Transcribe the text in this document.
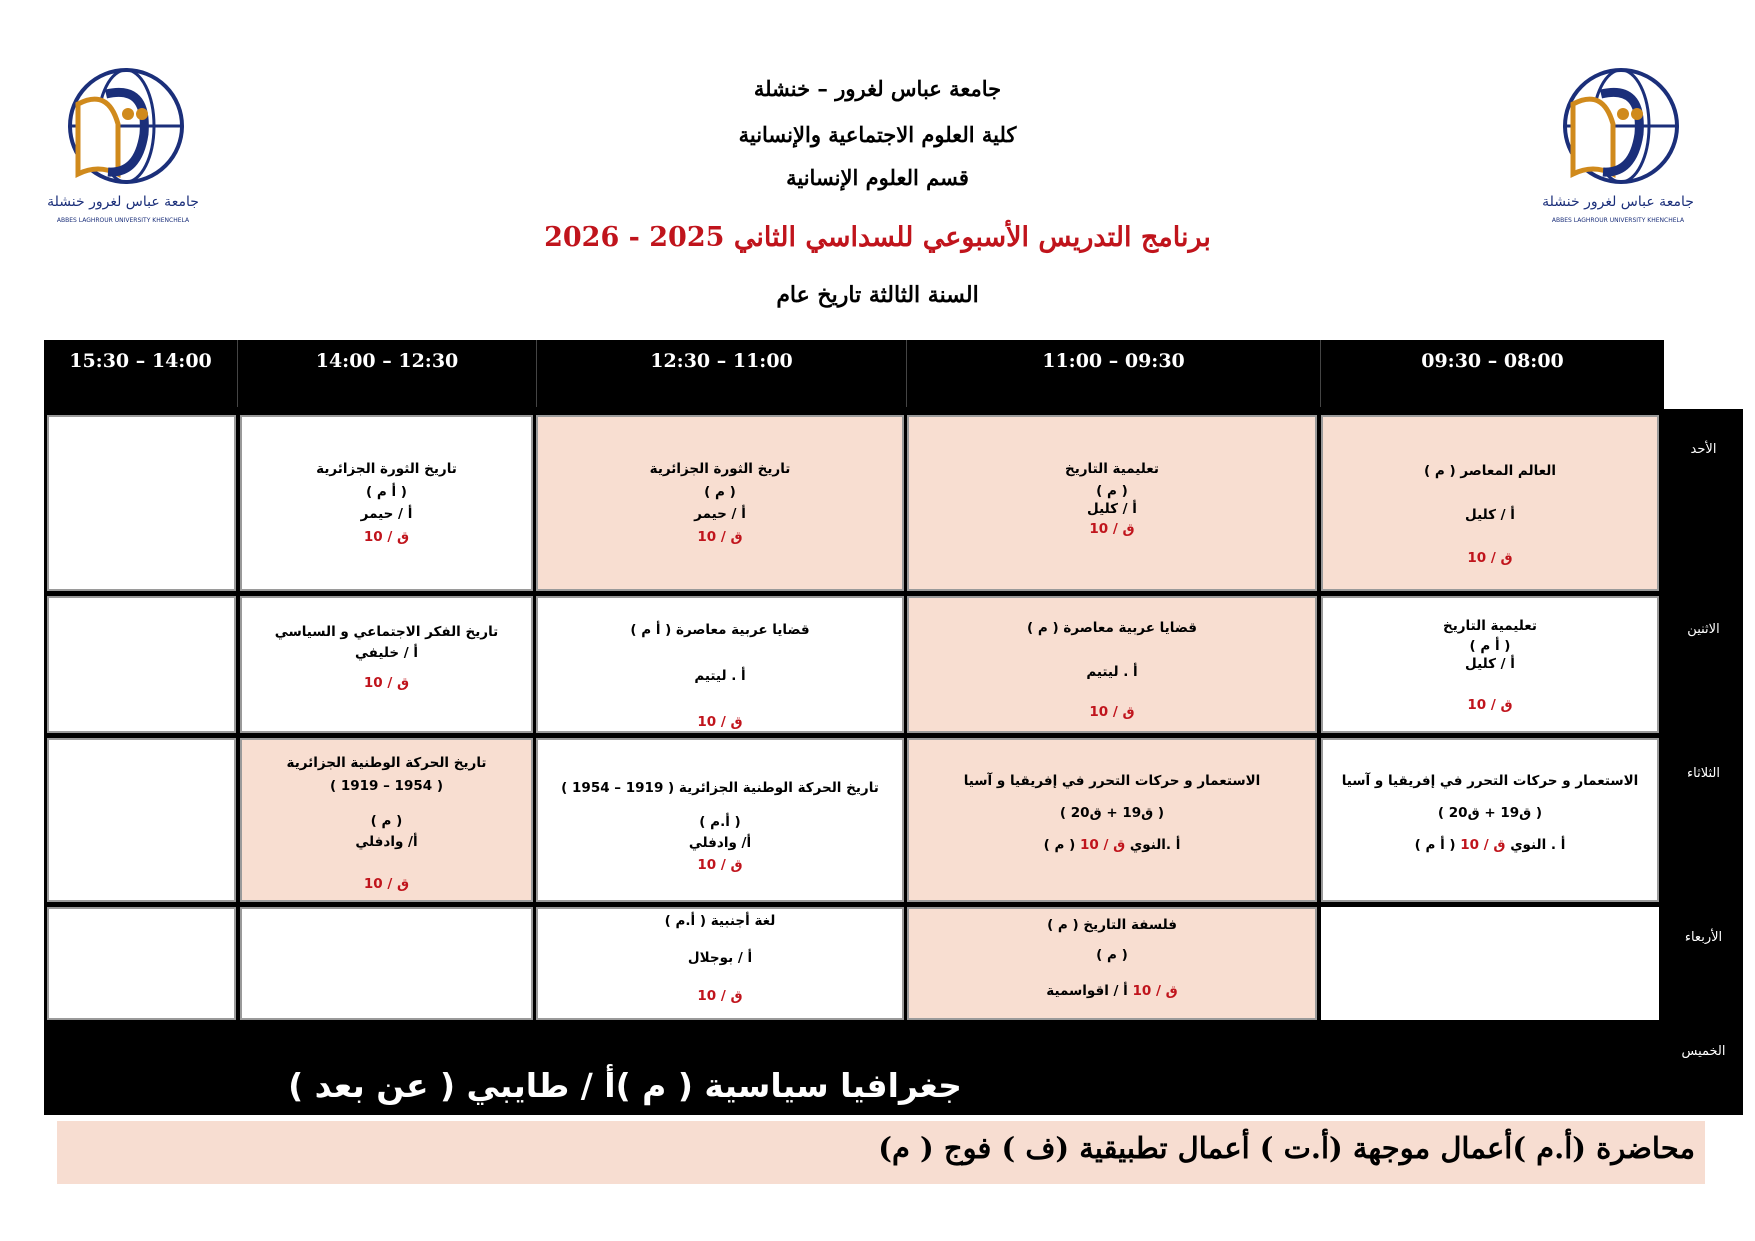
جامعة عباس لغرور خنشلة
ABBES LAGHROUR UNIVERSITY KHENCHELA
جامعة عباس لغرور خنشلة
ABBES LAGHROUR UNIVERSITY KHENCHELA
جامعة عباس لغرور – خنشلة
كلية العلوم الاجتماعية والإنسانية
قسم العلوم الإنسانية
برنامج التدريس الأسبوعي للسداسي الثاني 2025 - 2026
السنة الثالثة تاريخ عام
09:30 – 08:00
11:00 – 09:30
12:30 – 11:00
14:00 – 12:30
15:30 – 14:00
الأحد
الاثنين
الثلاثاء
الأربعاء
الخميس
العالم المعاصر ( م )
أ / كليل
ق / 10
تعليمية التاريخ
( م )
أ / كليل
ق / 10
تاريخ الثورة الجزائرية
( م )
أ / حيمر
ق / 10
تاريخ الثورة الجزائرية
( أ م )
أ / حيمر
ق / 10
تعليمية التاريخ
( أ م )
أ / كليل
ق / 10
قضايا عربية معاصرة ( م )
أ . ليتيم
ق / 10
قضايا عربية معاصرة ( أ م )
أ . ليتيم
ق / 10
تاريخ الفكر الاجتماعي و السياسي
أ / خليفي
ق / 10
الاستعمار و حركات التحرر في إفريقيا و آسيا
( ق19 + ق20 )
( أ م ) أ . النوي ق / 10
الاستعمار و حركات التحرر في إفريقيا و آسيا
( ق19 + ق20 )
( م ) أ .النوي ق / 10
تاريخ الحركة الوطنية الجزائرية ( 1919 – 1954 )
( أ.م )
أ/ وادفلي
ق / 10
تاريخ الحركة الوطنية الجزائرية
( 1919 – 1954 )
( م )
أ/ وادفلي
ق / 10
فلسفة التاريخ ( م )
( م )
ق / 10 أ / اقواسمية
لغة أجنبية ( أ.م )
أ / بوجلال
ق / 10
جغرافيا سياسية ( م )أ / طايبي ( عن بعد )
(م ) محاضرة (أ.م )أعمال موجهة (أ.ت ) أعمال تطبيقية (ف ) فوج
